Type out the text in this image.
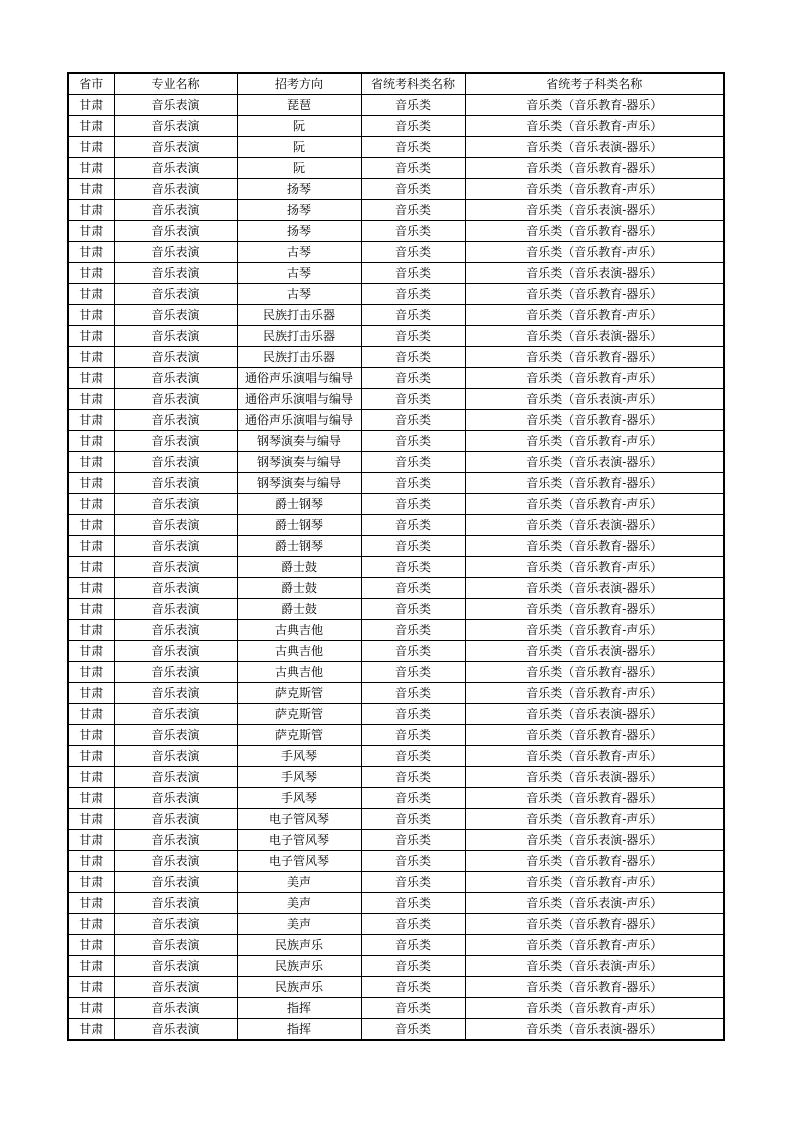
省市	专业名称	招考方向	省统考科类名称	省统考子科类名称
甘肃	音乐表演	琵琶	音乐类	音乐类（音乐教育-器乐）
甘肃	音乐表演	阮	音乐类	音乐类（音乐教育-声乐）
甘肃	音乐表演	阮	音乐类	音乐类（音乐表演-器乐）
甘肃	音乐表演	阮	音乐类	音乐类（音乐教育-器乐）
甘肃	音乐表演	扬琴	音乐类	音乐类（音乐教育-声乐）
甘肃	音乐表演	扬琴	音乐类	音乐类（音乐表演-器乐）
甘肃	音乐表演	扬琴	音乐类	音乐类（音乐教育-器乐）
甘肃	音乐表演	古琴	音乐类	音乐类（音乐教育-声乐）
甘肃	音乐表演	古琴	音乐类	音乐类（音乐表演-器乐）
甘肃	音乐表演	古琴	音乐类	音乐类（音乐教育-器乐）
甘肃	音乐表演	民族打击乐器	音乐类	音乐类（音乐教育-声乐）
甘肃	音乐表演	民族打击乐器	音乐类	音乐类（音乐表演-器乐）
甘肃	音乐表演	民族打击乐器	音乐类	音乐类（音乐教育-器乐）
甘肃	音乐表演	通俗声乐演唱与编导	音乐类	音乐类（音乐教育-声乐）
甘肃	音乐表演	通俗声乐演唱与编导	音乐类	音乐类（音乐表演-声乐）
甘肃	音乐表演	通俗声乐演唱与编导	音乐类	音乐类（音乐教育-器乐）
甘肃	音乐表演	钢琴演奏与编导	音乐类	音乐类（音乐教育-声乐）
甘肃	音乐表演	钢琴演奏与编导	音乐类	音乐类（音乐表演-器乐）
甘肃	音乐表演	钢琴演奏与编导	音乐类	音乐类（音乐教育-器乐）
甘肃	音乐表演	爵士钢琴	音乐类	音乐类（音乐教育-声乐）
甘肃	音乐表演	爵士钢琴	音乐类	音乐类（音乐表演-器乐）
甘肃	音乐表演	爵士钢琴	音乐类	音乐类（音乐教育-器乐）
甘肃	音乐表演	爵士鼓	音乐类	音乐类（音乐教育-声乐）
甘肃	音乐表演	爵士鼓	音乐类	音乐类（音乐表演-器乐）
甘肃	音乐表演	爵士鼓	音乐类	音乐类（音乐教育-器乐）
甘肃	音乐表演	古典吉他	音乐类	音乐类（音乐教育-声乐）
甘肃	音乐表演	古典吉他	音乐类	音乐类（音乐表演-器乐）
甘肃	音乐表演	古典吉他	音乐类	音乐类（音乐教育-器乐）
甘肃	音乐表演	萨克斯管	音乐类	音乐类（音乐教育-声乐）
甘肃	音乐表演	萨克斯管	音乐类	音乐类（音乐表演-器乐）
甘肃	音乐表演	萨克斯管	音乐类	音乐类（音乐教育-器乐）
甘肃	音乐表演	手风琴	音乐类	音乐类（音乐教育-声乐）
甘肃	音乐表演	手风琴	音乐类	音乐类（音乐表演-器乐）
甘肃	音乐表演	手风琴	音乐类	音乐类（音乐教育-器乐）
甘肃	音乐表演	电子管风琴	音乐类	音乐类（音乐教育-声乐）
甘肃	音乐表演	电子管风琴	音乐类	音乐类（音乐表演-器乐）
甘肃	音乐表演	电子管风琴	音乐类	音乐类（音乐教育-器乐）
甘肃	音乐表演	美声	音乐类	音乐类（音乐教育-声乐）
甘肃	音乐表演	美声	音乐类	音乐类（音乐表演-声乐）
甘肃	音乐表演	美声	音乐类	音乐类（音乐教育-器乐）
甘肃	音乐表演	民族声乐	音乐类	音乐类（音乐教育-声乐）
甘肃	音乐表演	民族声乐	音乐类	音乐类（音乐表演-声乐）
甘肃	音乐表演	民族声乐	音乐类	音乐类（音乐教育-器乐）
甘肃	音乐表演	指挥	音乐类	音乐类（音乐教育-声乐）
甘肃	音乐表演	指挥	音乐类	音乐类（音乐表演-器乐）
